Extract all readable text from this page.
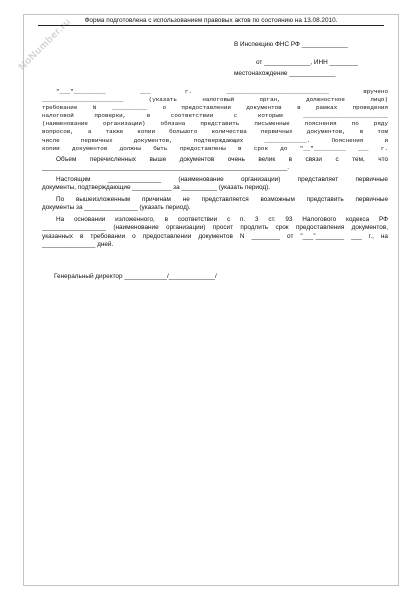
NoNumber.ru	Форма подготовлена с использованием правовых актов по состоянию на 13.08.2010.
В Инспекцию ФНС РФ _____________
от _____________, ИНН ________
местонахождение _____________
"___"_________ ___ г. _____________________________ вручено
_______________________ (указать налоговый орган, должностное лицо)
требование N __________ о предоставлении документов в рамках проведения
налоговой проверки, в соответствии с которым ________________________
(наименование организации) обязана представить письменные пояснения по ряду
вопросов, а также копии большого количества первичных документов, в том
числе первичных документов, подтверждающих ____________. Пояснения и
копии документов должны быть предоставлены в срок до "__"_________ ___ г.
Объем перечисленных выше документов очень велик в связи с тем, что
_____________________________________________________________________.
Настоящим _______________ (наименование организации) представляет первичные
документы, подтверждающие ___________ за __________ (указать период).
По вышеизложенным причинам не представляется возможным представить первичные
документы за _______________ (указать период).
На основании изложенного, в соответствии с п. 3 ст. 93 Налогового кодекса РФ
__________________ (наименование организации) просит продлить срок предоставления документов,
указанных в требовании о предоставлении документов N ________ от "___"________ ___ г., на
_______________ дней.
Генеральный директор ____________/_____________/
